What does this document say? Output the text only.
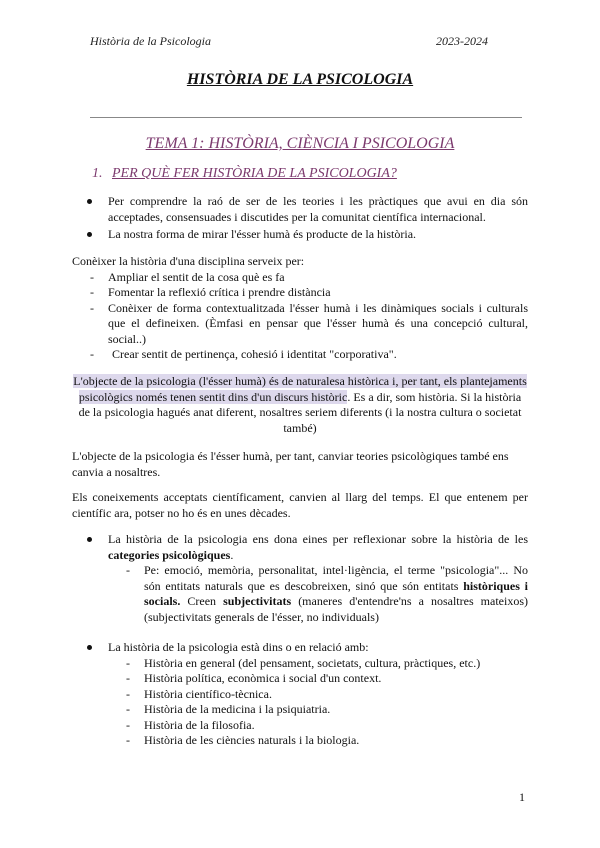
Història de la Psicologia	2023-2024
HISTÒRIA DE LA PSICOLOGIA
TEMA 1: HISTÒRIA, CIÈNCIA I PSICOLOGIA
1. PER QUÈ FER HISTÒRIA DE LA PSICOLOGIA?

Per comprendre la raó de ser de les teories i les pràctiques que avui en dia són acceptades, consensuades i discutides per la comunitat científica internacional.

La nostra forma de mirar l'ésser humà és producte de la història.

Conèixer la història d'una disciplina serveix per:

- Ampliar el sentit de la cosa què es fa

- Fomentar la reflexió crítica i prendre distància

- Conèixer de forma contextualitzada l'ésser humà i les dinàmiques socials i culturals que el defineixen. (Èmfasi en pensar que l'ésser humà és una concepció cultural, social..)

- Crear sentit de pertinença, cohesió i identitat "corporativa".

L'objecte de la psicologia (l'ésser humà) és de naturalesa històrica i, per tant, els plantejaments psicològics només tenen sentit dins d'un discurs històric. Es a dir, som història. Si la història de la psicologia hagués anat diferent, nosaltres seriem diferents (i la nostra cultura o societat també)
L'objecte de la psicologia és l'ésser humà, per tant, canviar teories psicològiques també ens canvia a nosaltres.
Els coneixements acceptats científicament, canvien al llarg del temps. El que entenem per científic ara, potser no ho és en unes dècades.

La història de la psicologia ens dona eines per reflexionar sobre la història de les categories psicològiques.

- Pe: emoció, memòria, personalitat, intel·ligència, el terme "psicologia"... No són entitats naturals que es descobreixen, sinó que són entitats històriques i socials. Creen subjectivitats (maneres d'entendre'ns a nosaltres mateixos) (subjectivitats generals de l'ésser, no individuals)

La història de la psicologia està dins o en relació amb:

- Història en general (del pensament, societats, cultura, pràctiques, etc.)

- Història política, econòmica i social d'un context.

- Història científico-tècnica.

- Història de la medicina i la psiquiatria.

- Història de la filosofia.

- Història de les ciències naturals i la biologia.

1
